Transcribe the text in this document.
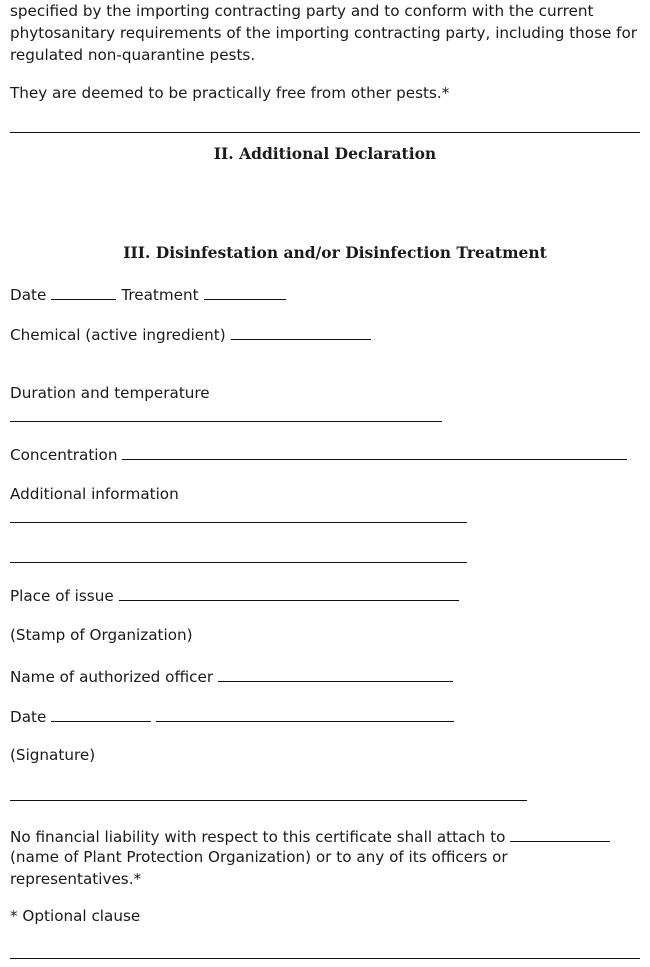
specified by the importing contracting party and to conform with the current phytosanitary requirements of the importing contracting party, including those for regulated non-quarantine pests.
They are deemed to be practically free from other pests.*
II. Additional Declaration
III. Disinfestation and/or Disinfection Treatment
Date	Treatment
Chemical (active ingredient)
Duration and temperature
Concentration
Additional information
Place of issue
(Stamp of Organization)
Name of authorized officer
Date
(Signature)
No financial liability with respect to this certificate shall attach to
(name of Plant Protection Organization) or to any of its officers or
representatives.*
* Optional clause
